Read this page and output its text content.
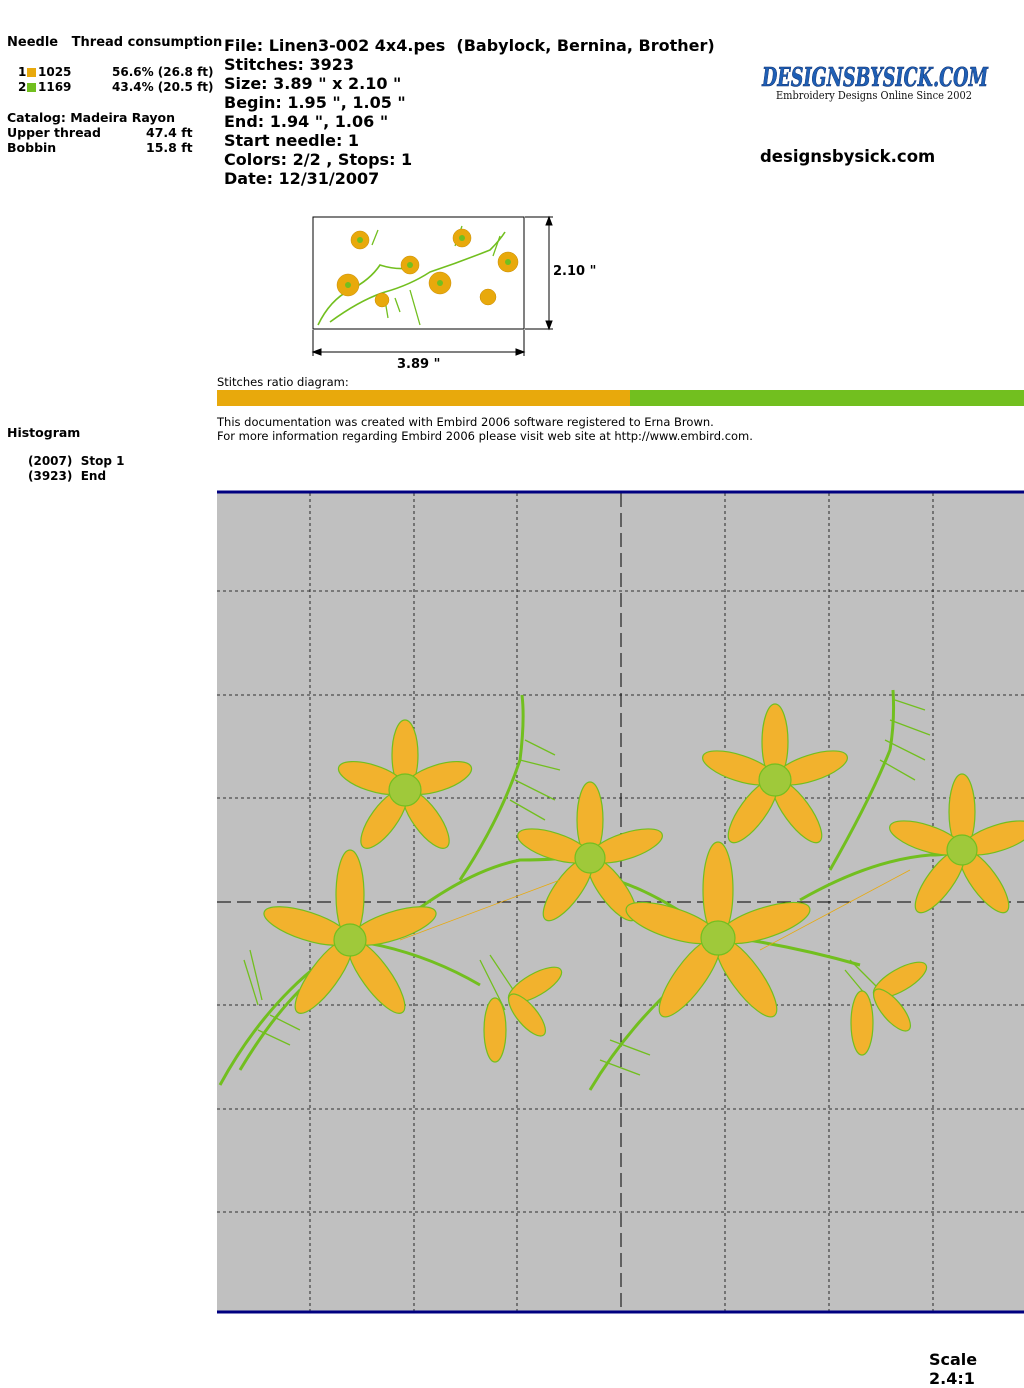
Needle Thread consumption
1 1025	56.6% (26.8 ft)
2 1169	43.4% (20.5 ft)
Catalog: Madeira Rayon
Upper thread	47.4 ft
Bobbin	15.8 ft
File: Linen3-002 4x4.pes  (Babylock, Bernina, Brother)
Stitches: 3923
Size: 3.89 " x 2.10 "
Begin: 1.95 ", 1.05 "
End: 1.94 ", 1.06 "
Start needle: 1
Colors: 2/2 , Stops: 1
Date: 12/31/2007
DESIGNSBYSICK.COM
Embroidery Designs Online Since 2002
designsbysick.com
3.89 "
2.10 "
Stitches ratio diagram:
This documentation was created with Embird 2006 software registered to Erna Brown.
For more information regarding Embird 2006 please visit web site at http://www.embird.com.
Histogram
(2007) Stop 1
(3923) End
Scale 2.4:1
